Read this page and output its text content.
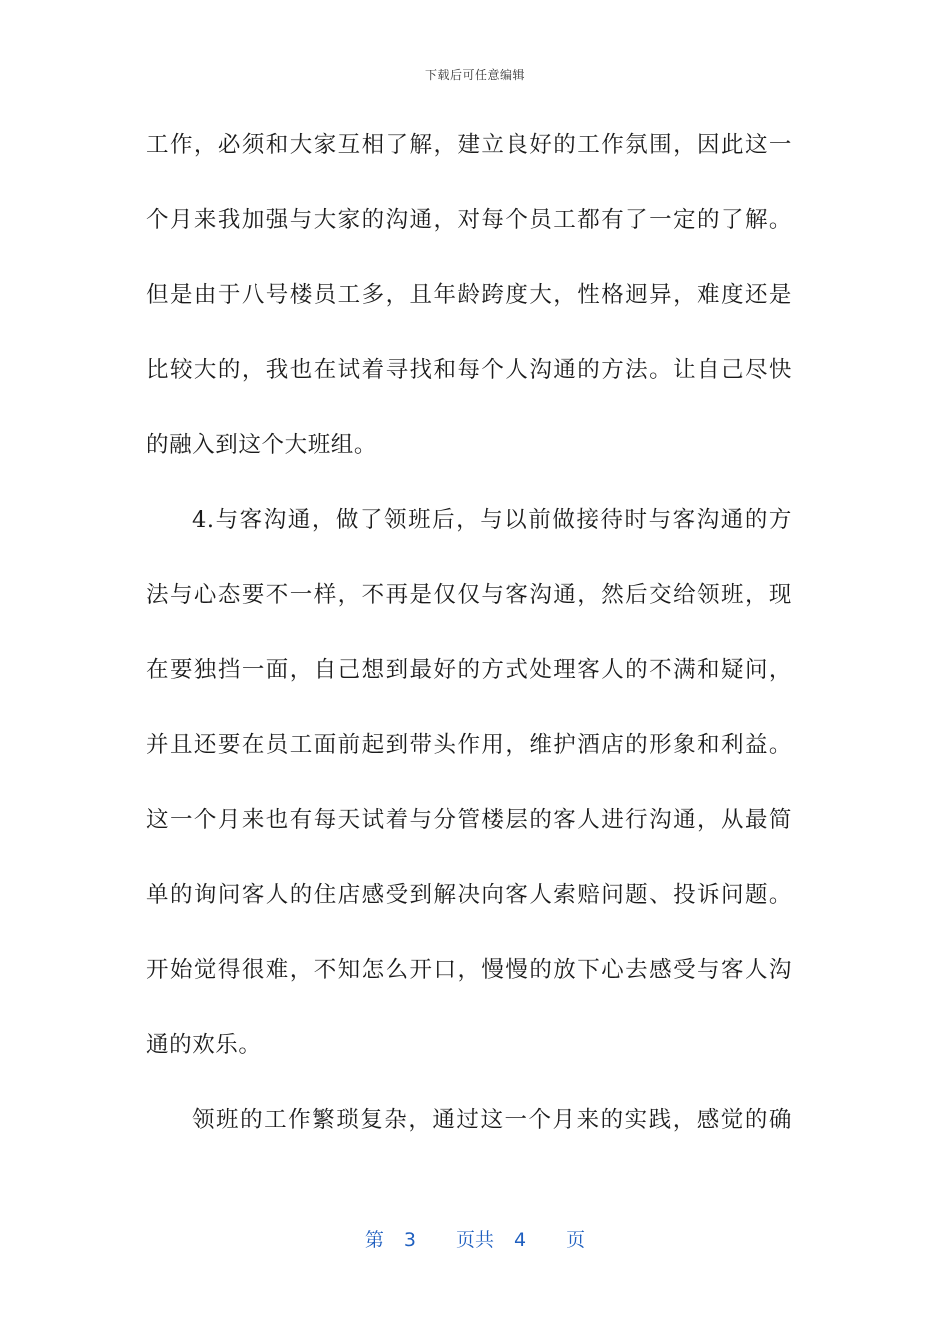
下载后可任意编辑
工作，必须和大家互相了解，建立良好的工作氛围，因此这一
个月来我加强与大家的沟通，对每个员工都有了一定的了解。
但是由于八号楼员工多，且年龄跨度大，性格迥异，难度还是
比较大的，我也在试着寻找和每个人沟通的方法。让自己尽快
的融入到这个大班组。
4.与客沟通，做了领班后，与以前做接待时与客沟通的方
法与心态要不一样，不再是仅仅与客沟通，然后交给领班，现
在要独挡一面，自己想到最好的方式处理客人的不满和疑问，
并且还要在员工面前起到带头作用，维护酒店的形象和利益。
这一个月来也有每天试着与分管楼层的客人进行沟通，从最简
单的询问客人的住店感受到解决向客人索赔问题、投诉问题。
开始觉得很难，不知怎么开口，慢慢的放下心去感受与客人沟
通的欢乐。
领班的工作繁琐复杂，通过这一个月来的实践，感觉的确
第 3 页共 4 页
